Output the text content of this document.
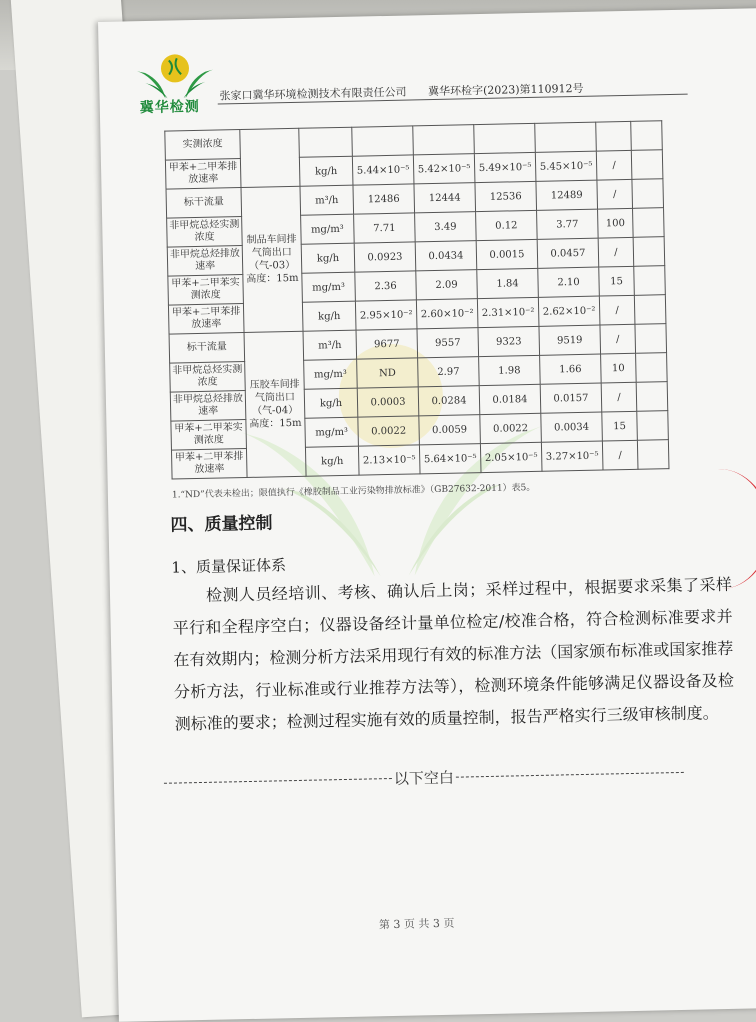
冀华检测
张家口冀华环境检测技术有限责任公司 冀华环检字(2023)第110912号
实测浓度								
甲苯+二甲苯排放速率		kg/h	5.44×10⁻⁵	5.42×10⁻⁵	5.49×10⁻⁵	5.45×10⁻⁵	/	
标干流量	制品车间排气筒出口（气-03）高度：15m	m³/h	12486	12444	12536	12489	/	
非甲烷总烃实测浓度		mg/m³	7.71	3.49	0.12	3.77	100	
非甲烷总烃排放速率		kg/h	0.0923	0.0434	0.0015	0.0457	/	
甲苯+二甲苯实测浓度		mg/m³	2.36	2.09	1.84	2.10	15	
甲苯+二甲苯排放速率		kg/h	2.95×10⁻²	2.60×10⁻²	2.31×10⁻²	2.62×10⁻²	/	
标干流量	压胶车间排气筒出口（气-04）高度：15m	m³/h	9677	9557	9323	9519	/	
非甲烷总烃实测浓度		mg/m³	ND	2.97	1.98	1.66	10	
非甲烷总烃排放速率		kg/h	0.0003	0.0284	0.0184	0.0157	/	
甲苯+二甲苯实测浓度		mg/m³	0.0022	0.0059	0.0022	0.0034	15	
甲苯+二甲苯排放速率		kg/h	2.13×10⁻⁵	5.64×10⁻⁵	2.05×10⁻⁵	3.27×10⁻⁵	/	
1.“ND”代表未检出；限值执行《橡胶制品工业污染物排放标准》（GB27632-2011）表5。
四、质量控制
1、质量保证体系
检测人员经培训、考核、确认后上岗；采样过程中，根据要求采集了采样平行和全程序空白；仪器设备经计量单位检定/校准合格，符合检测标准要求并在有效期内；检测分析方法采用现行有效的标准方法（国家颁布标准或国家推荐分析方法，行业标准或行业推荐方法等），检测环境条件能够满足仪器设备及检测标准的要求；检测过程实施有效的质量控制，报告严格实行三级审核制度。
以下空白
第 3 页 共 3 页
